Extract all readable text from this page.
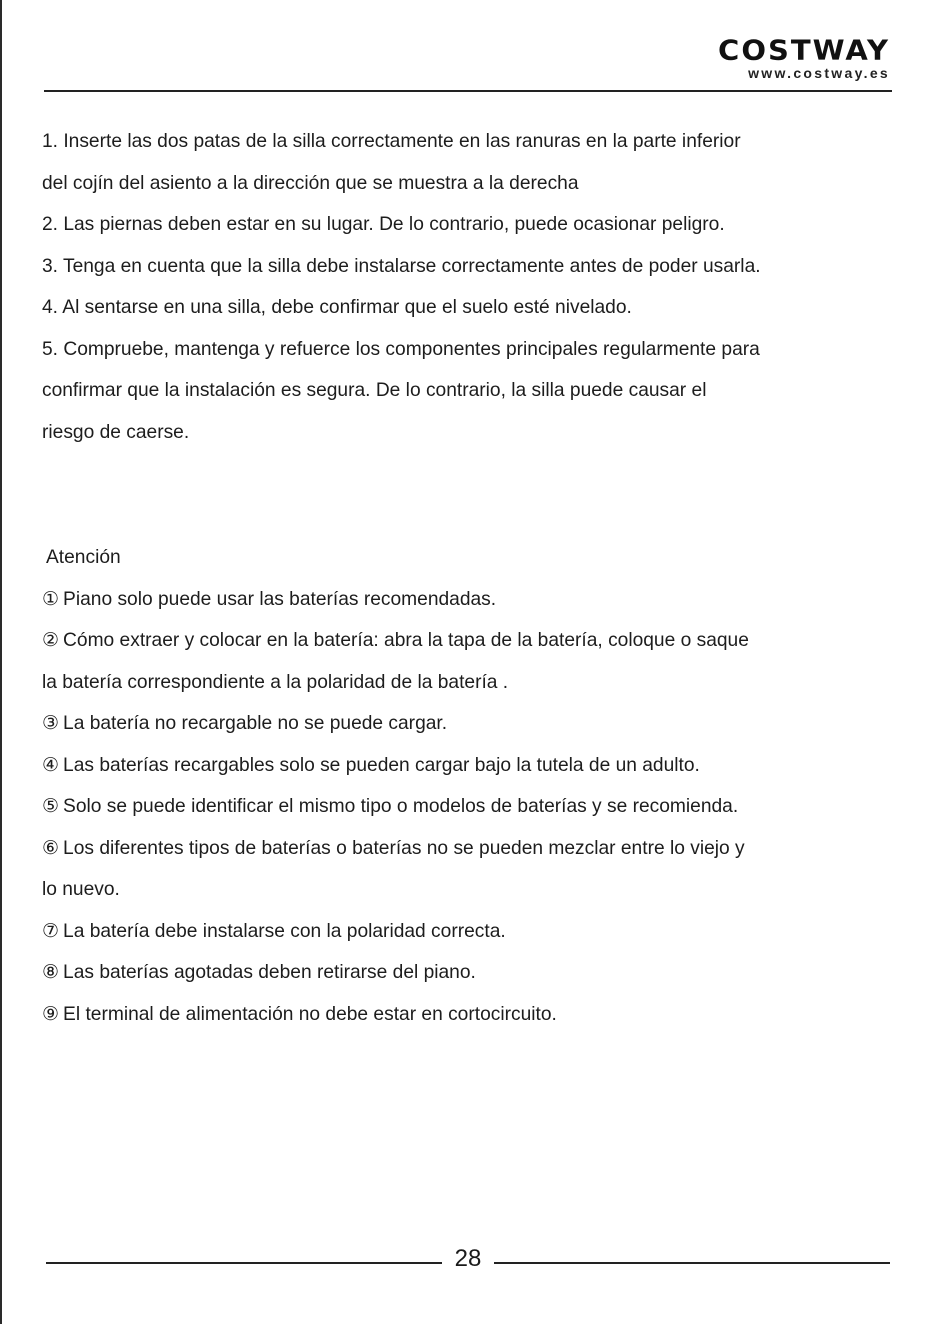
COSTWAY
www.costway.es
1. Inserte las dos patas de la silla correctamente en las ranuras en la parte inferior
del cojín del asiento a la dirección que se muestra a la derecha
2. Las piernas deben estar en su lugar. De lo contrario, puede ocasionar peligro.
3. Tenga en cuenta que la silla debe instalarse correctamente antes de poder usarla.
4. Al sentarse en una silla, debe confirmar que el suelo esté nivelado.
5. Compruebe, mantenga y refuerce los componentes principales regularmente para
confirmar que la instalación es segura. De lo contrario, la silla puede causar el
riesgo de caerse.
Atención
① Piano solo puede usar las baterías recomendadas.
② Cómo extraer y colocar en la batería: abra la tapa de la batería, coloque o saque
la batería correspondiente a la polaridad de la batería .
③ La batería no recargable no se puede cargar.
④ Las baterías recargables solo se pueden cargar bajo la tutela de un adulto.
⑤ Solo se puede identificar el mismo tipo o modelos de baterías y se recomienda.
⑥ Los diferentes tipos de baterías o baterías no se pueden mezclar entre lo viejo y
lo nuevo.
⑦ La batería debe instalarse con la polaridad correcta.
⑧ Las baterías agotadas deben retirarse del piano.
⑨ El terminal de alimentación no debe estar en cortocircuito.
28
